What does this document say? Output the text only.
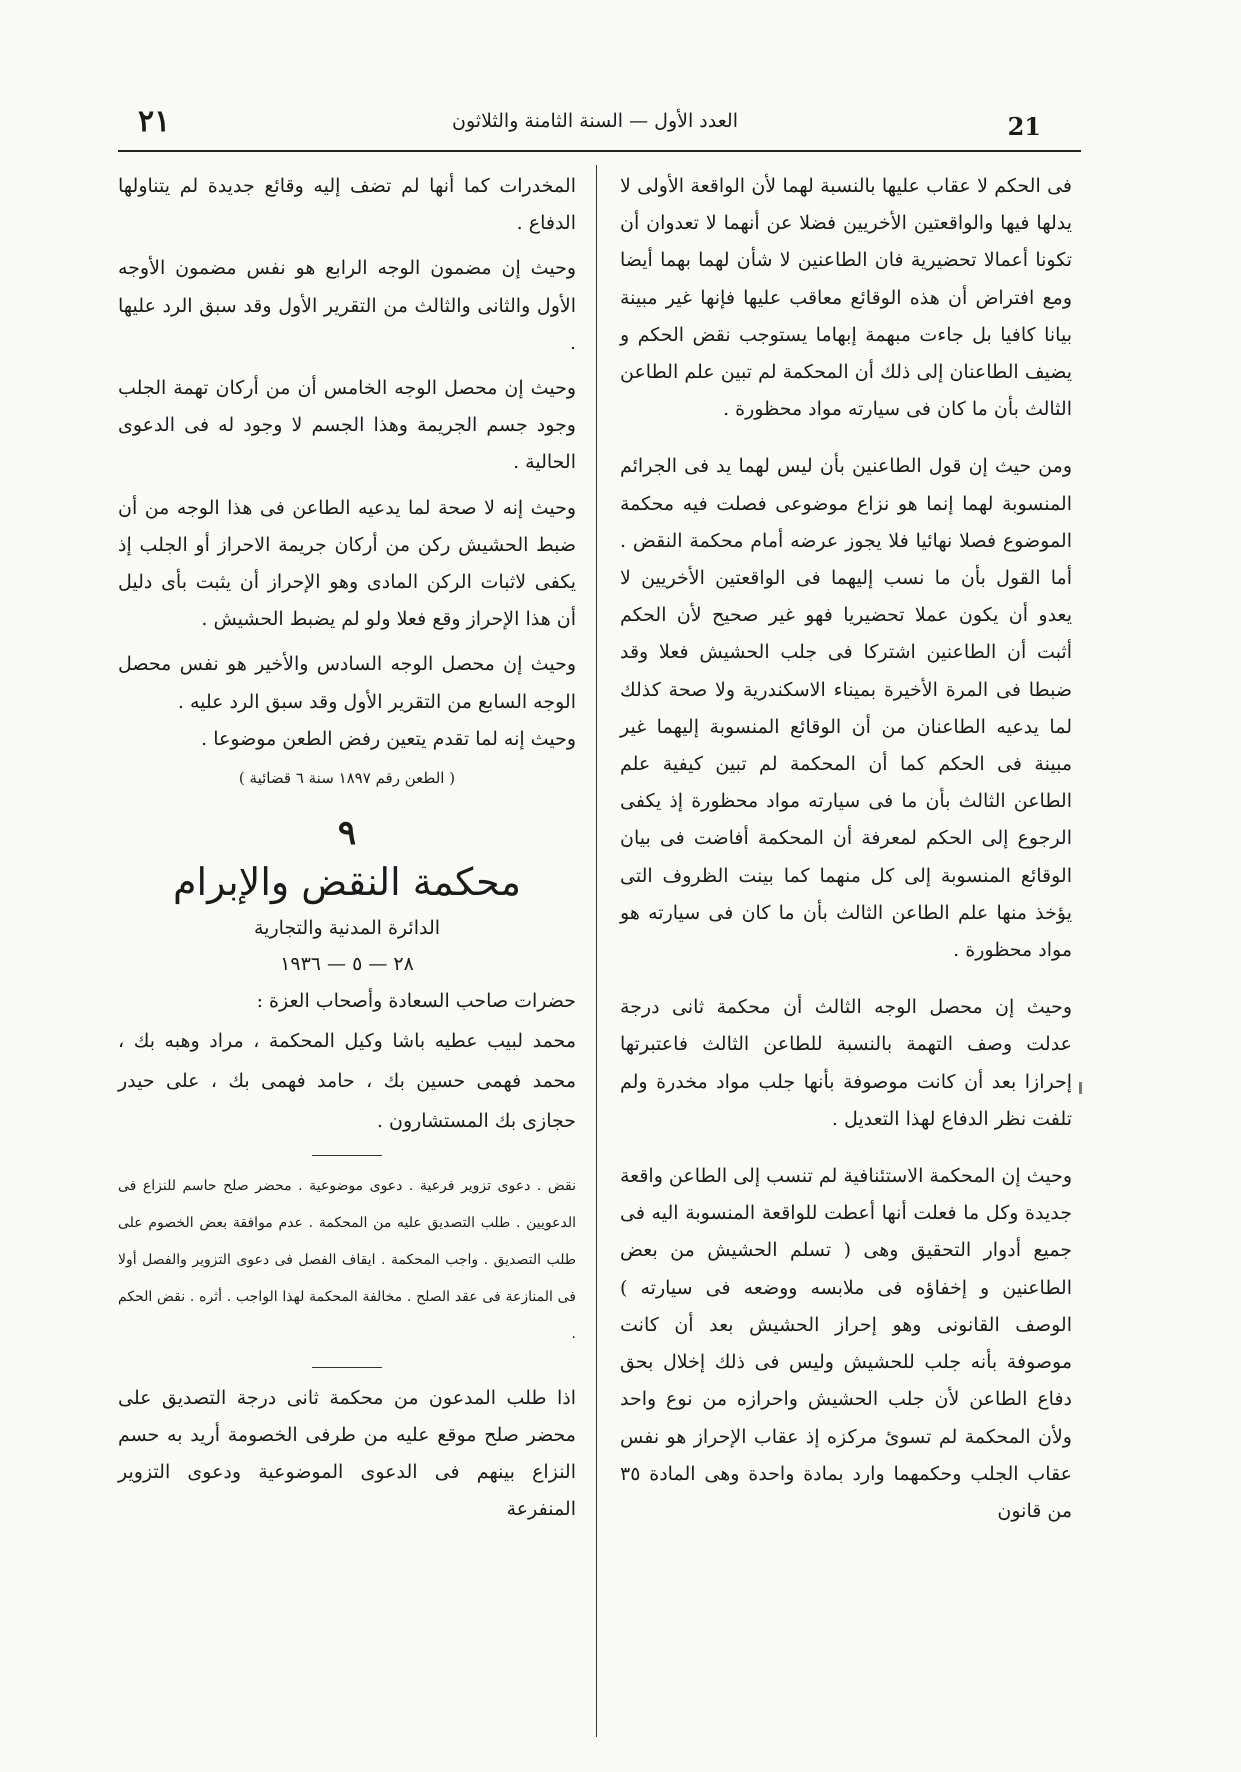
21
العدد الأول — السنة الثامنة والثلاثون
٢١

فى الحكم لا عقاب عليها بالنسبة لهما لأن الواقعة الأولى لا يدلها فيها والواقعتين الأخريين فضلا عن أنهما لا تعدوان أن تكونا أعمالا تحضيرية فان الطاعنين لا شأن لهما بهما أيضا ومع افتراض أن هذه الوقائع معاقب عليها فإنها غير مبينة بيانا كافيا بل جاءت مبهمة إبهاما يستوجب نقض الحكم و يضيف الطاعنان إلى ذلك أن المحكمة لم تبين علم الطاعن الثالث بأن ما كان فى سيارته مواد محظورة .

ومن حيث إن قول الطاعنين بأن ليس لهما يد فى الجرائم المنسوبة لهما إنما هو نزاع موضوعى فصلت فيه محكمة الموضوع فصلا نهائيا فلا يجوز عرضه أمام محكمة النقض . أما القول بأن ما نسب إليهما فى الواقعتين الأخريين لا يعدو أن يكون عملا تحضيريا فهو غير صحيح لأن الحكم أثبت أن الطاعنين اشتركا فى جلب الحشيش فعلا وقد ضبطا فى المرة الأخيرة بميناء الاسكندرية ولا صحة كذلك لما يدعيه الطاعنان من أن الوقائع المنسوبة إليهما غير مبينة فى الحكم كما أن المحكمة لم تبين كيفية علم الطاعن الثالث بأن ما فى سيارته مواد محظورة إذ يكفى الرجوع إلى الحكم لمعرفة أن المحكمة أفاضت فى بيان الوقائع المنسوبة إلى كل منهما كما بينت الظروف التى يؤخذ منها علم الطاعن الثالث بأن ما كان فى سيارته هو مواد محظورة .

وحيث إن محصل الوجه الثالث أن محكمة ثانى درجة عدلت وصف التهمة بالنسبة للطاعن الثالث فاعتبرتها إحرازا بعد أن كانت موصوفة بأنها جلب مواد مخدرة ولم تلفت نظر الدفاع لهذا التعديل .

وحيث إن المحكمة الاستئنافية لم تنسب إلى الطاعن واقعة جديدة وكل ما فعلت أنها أعطت للواقعة المنسوبة اليه فى جميع أدوار التحقيق وهى ( تسلم الحشيش من بعض الطاعنين و إخفاؤه فى ملابسه ووضعه فى سيارته ) الوصف القانونى وهو إحراز الحشيش بعد أن كانت موصوفة بأنه جلب للحشيش وليس فى ذلك إخلال بحق دفاع الطاعن لأن جلب الحشيش واحرازه من نوع واحد ولأن المحكمة لم تسوئ مركزه إذ عقاب الإحراز هو نفس عقاب الجلب وحكمهما وارد بمادة واحدة وهى المادة ٣٥ من قانون

المخدرات كما أنها لم تضف إليه وقائع جديدة لم يتناولها الدفاع .

وحيث إن مضمون الوجه الرابع هو نفس مضمون الأوجه الأول والثانى والثالث من التقرير الأول وقد سبق الرد عليها .

وحيث إن محصل الوجه الخامس أن من أركان تهمة الجلب وجود جسم الجريمة وهذا الجسم لا وجود له فى الدعوى الحالية .

وحيث إنه لا صحة لما يدعيه الطاعن فى هذا الوجه من أن ضبط الحشيش ركن من أركان جريمة الاحراز أو الجلب إذ يكفى لاثبات الركن المادى وهو الإحراز أن يثبت بأى دليل أن هذا الإحراز وقع فعلا ولو لم يضبط الحشيش .

وحيث إن محصل الوجه السادس والأخير هو نفس محصل الوجه السابع من التقرير الأول وقد سبق الرد عليه .

وحيث إنه لما تقدم يتعين رفض الطعن موضوعا .

( الطعن رقم ١٨٩٧ سنة ٦ قضائية )
٩
محكمة النقض والإبرام
الدائرة المدنية والتجارية
٢٨ — ٥ — ١٩٣٦
حضرات صاحب السعادة وأصحاب العزة :
محمد لبيب عطيه باشا وكيل المحكمة ، مراد وهبه بك ، محمد فهمى حسين بك ، حامد فهمى بك ، على حيدر حجازى بك المستشارون .
نقض . دعوى تزوير فرعية . دعوى موضوعية . محضر صلح حاسم للنزاع فى الدعويين . طلب التصديق عليه من المحكمة . عدم موافقة بعض الخصوم على طلب التصديق . واجب المحكمة . ايقاف الفصل فى دعوى التزوير والفصل أولا فى المنازعة فى عقد الصلح . مخالفة المحكمة لهذا الواجب . أثره . نقض الحكم .
اذا طلب المدعون من محكمة ثانى درجة التصديق على محضر صلح موقع عليه من طرفى الخصومة أريد به حسم النزاع بينهم فى الدعوى الموضوعية ودعوى التزوير المنفرعة
